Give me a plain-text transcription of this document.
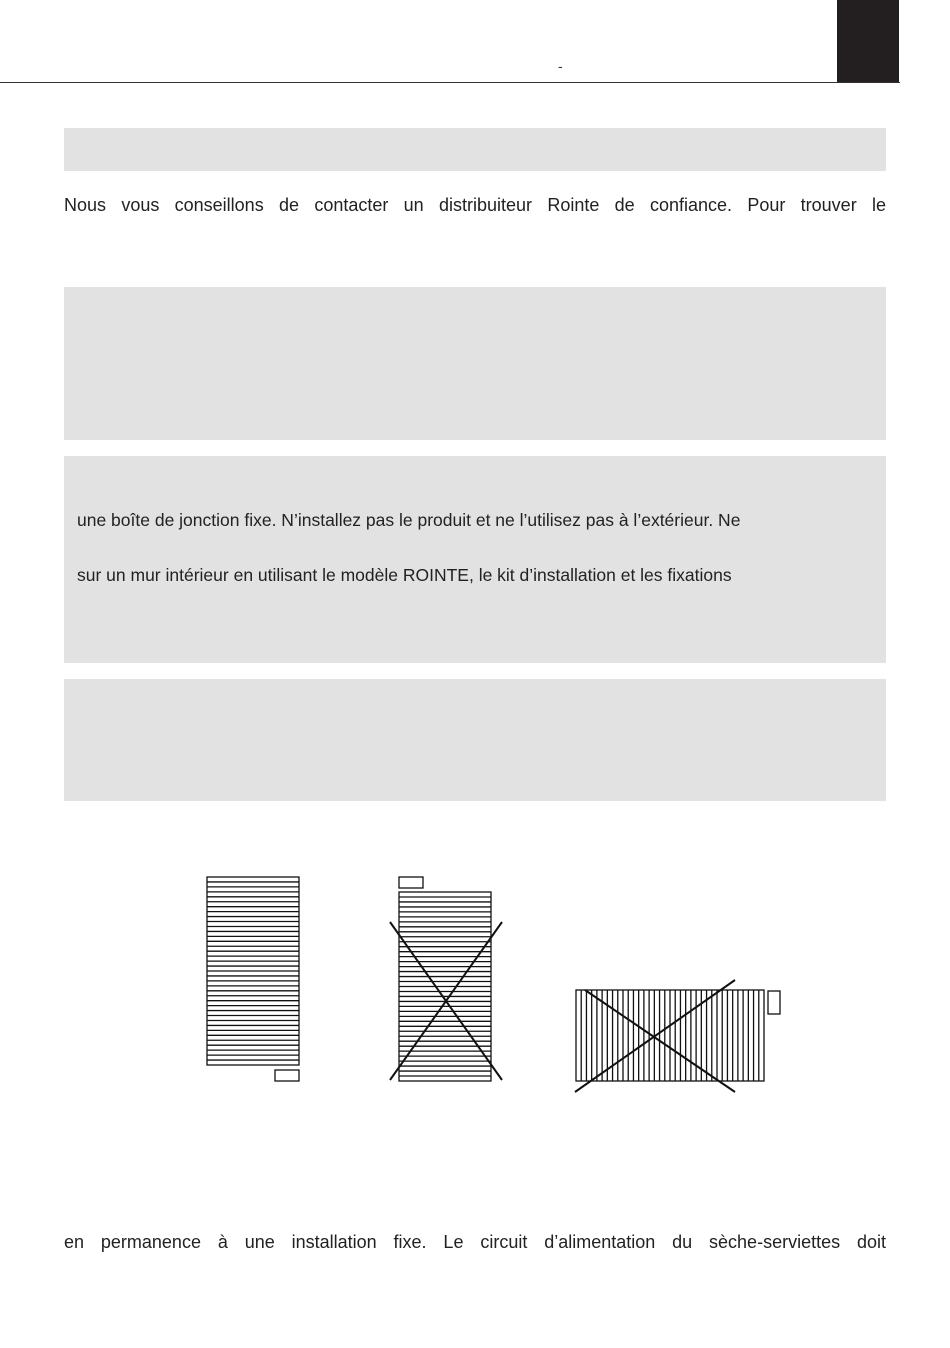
-
Nous vous conseillons de contacter un distribuiteur Rointe de confiance. Pour trouver le
une boîte de jonction fixe. N’installez pas le produit et ne l’utilisez pas à l’extérieur. Ne
sur un mur intérieur en utilisant le modèle ROINTE, le kit d’installation et les fixations
en permanence à une installation fixe. Le circuit d’alimentation du sèche-serviettes doit
